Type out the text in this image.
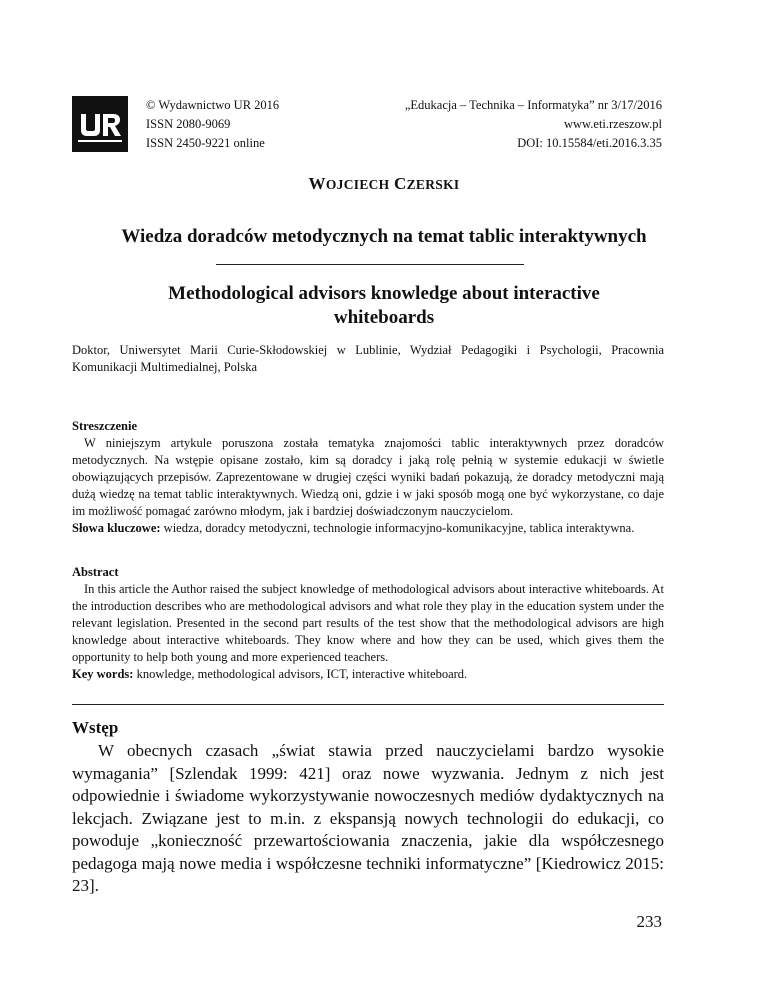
© Wydawnictwo UR 2016
ISSN 2080-9069
ISSN 2450-9221 online
„Edukacja – Technika – Informatyka” nr 3/17/2016
www.eti.rzeszow.pl
DOI: 10.15584/eti.2016.3.35
WOJCIECH CZERSKI
Wiedza doradców metodycznych na temat tablic interaktywnych
Methodological advisors knowledge about interactive whiteboards
Doktor, Uniwersytet Marii Curie-Skłodowskiej w Lublinie, Wydział Pedagogiki i Psychologii, Pracownia Komunikacji Multimedialnej, Polska
Streszczenie
W niniejszym artykule poruszona została tematyka znajomości tablic interaktywnych przez doradców metodycznych. Na wstępie opisane zostało, kim są doradcy i jaką rolę pełnią w systemie edukacji w świetle obowiązujących przepisów. Zaprezentowane w drugiej części wyniki badań pokazują, że doradcy metodyczni mają dużą wiedzę na temat tablic interaktywnych. Wiedzą oni, gdzie i w jaki sposób mogą one być wykorzystane, co daje im możliwość pomagać zarówno młodym, jak i bardziej doświadczonym nauczycielom.
Słowa kluczowe: wiedza, doradcy metodyczni, technologie informacyjno-komunikacyjne, tablica interaktywna.
Abstract
In this article the Author raised the subject knowledge of methodological advisors about interactive whiteboards. At the introduction describes who are methodological advisors and what role they play in the education system under the relevant legislation. Presented in the second part results of the test show that the methodological advisors are high knowledge about interactive whiteboards. They know where and how they can be used, which gives them the opportunity to help both young and more experienced teachers.
Key words: knowledge, methodological advisors, ICT, interactive whiteboard.
Wstęp
W obecnych czasach „świat stawia przed nauczycielami bardzo wysokie wymagania” [Szlendak 1999: 421] oraz nowe wyzwania. Jednym z nich jest odpowiednie i świadome wykorzystywanie nowoczesnych mediów dydaktycznych na lekcjach. Związane jest to m.in. z ekspansją nowych technologii do edukacji, co powoduje „konieczność przewartościowania znaczenia, jakie dla współczesnego pedagoga mają nowe media i współczesne techniki informatyczne” [Kiedrowicz 2015: 23].
233
